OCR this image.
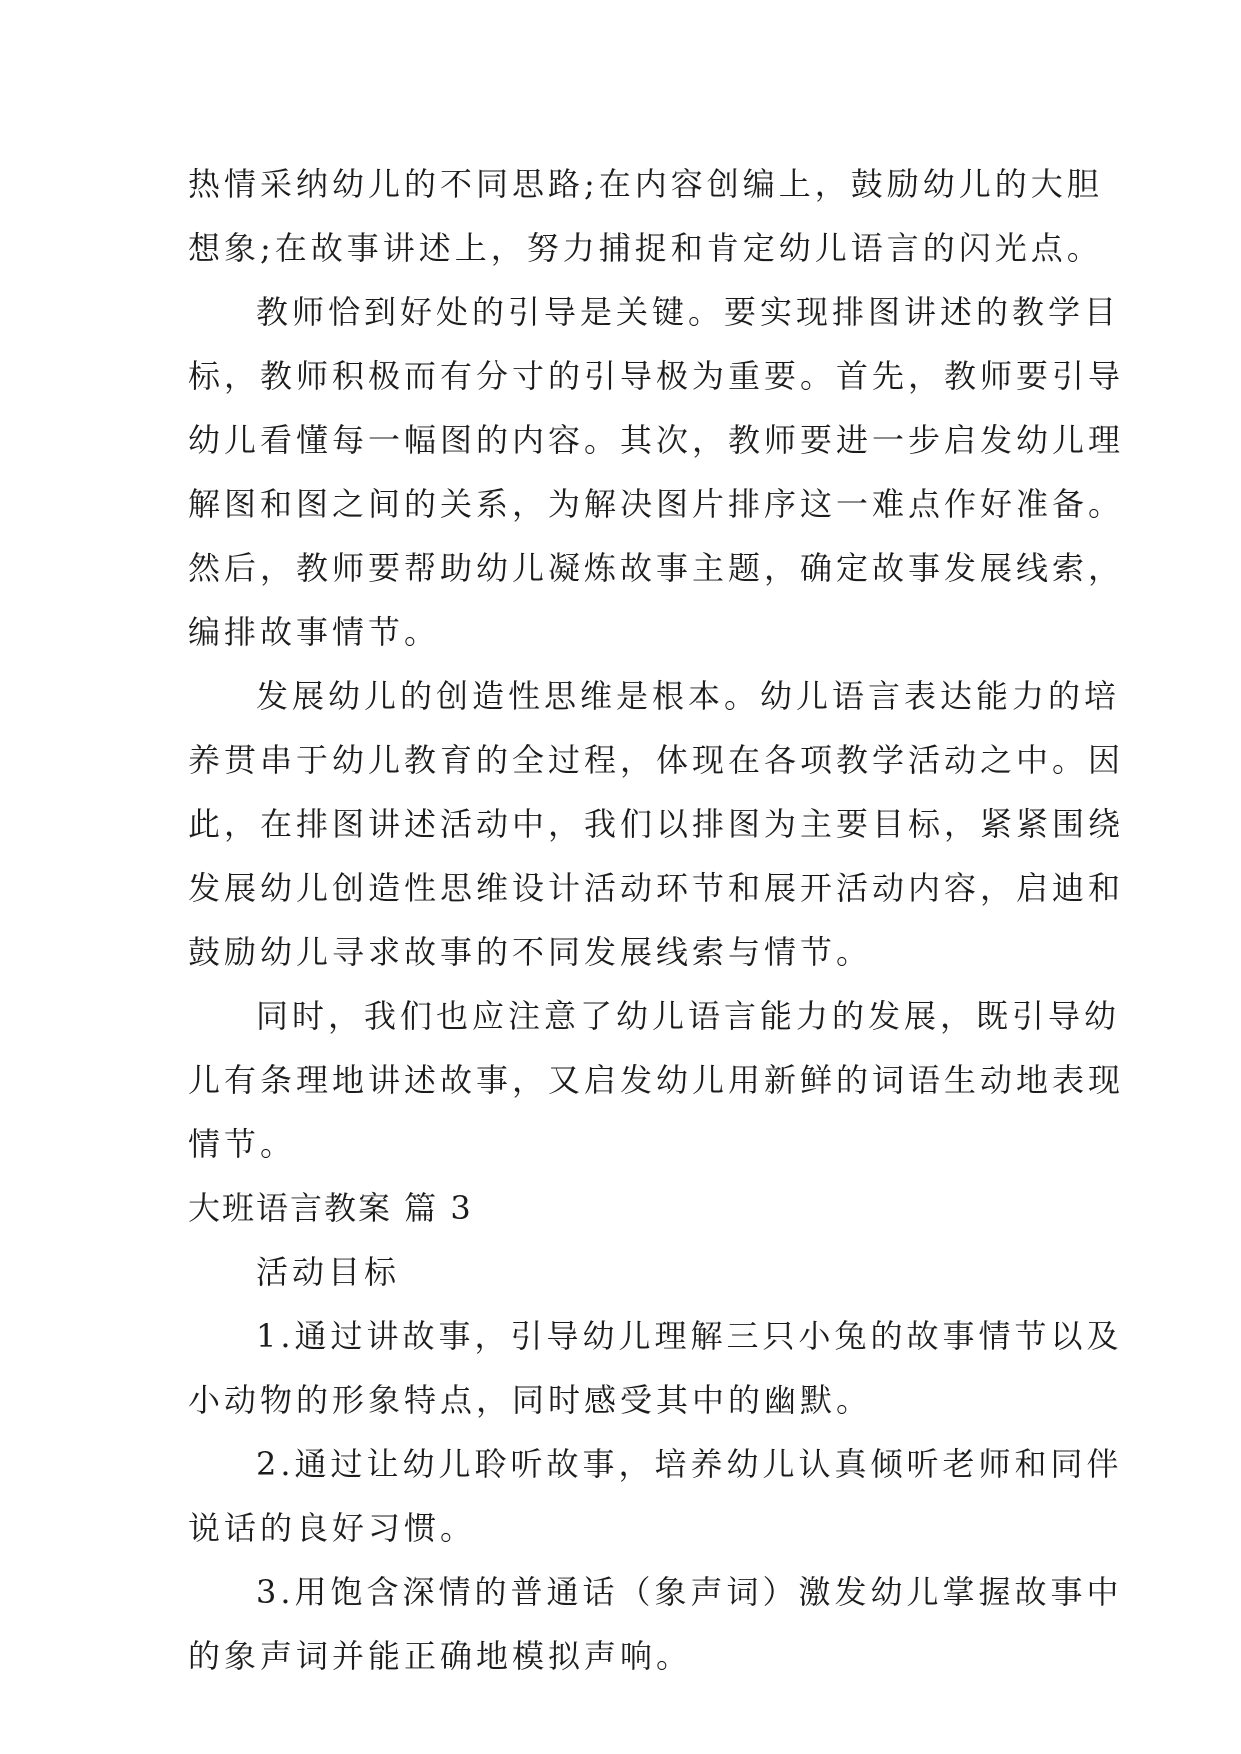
热情采纳幼儿的不同思路;在内容创编上，鼓励幼儿的大胆

想象;在故事讲述上，努力捕捉和肯定幼儿语言的闪光点。

教师恰到好处的引导是关键。要实现排图讲述的教学目

标，教师积极而有分寸的引导极为重要。首先，教师要引导

幼儿看懂每一幅图的内容。其次，教师要进一步启发幼儿理

解图和图之间的关系，为解决图片排序这一难点作好准备。

然后，教师要帮助幼儿凝炼故事主题，确定故事发展线索，

编排故事情节。

发展幼儿的创造性思维是根本。幼儿语言表达能力的培

养贯串于幼儿教育的全过程，体现在各项教学活动之中。因

此，在排图讲述活动中，我们以排图为主要目标，紧紧围绕

发展幼儿创造性思维设计活动环节和展开活动内容，启迪和

鼓励幼儿寻求故事的不同发展线索与情节。

同时，我们也应注意了幼儿语言能力的发展，既引导幼

儿有条理地讲述故事，又启发幼儿用新鲜的词语生动地表现

情节。

大班语言教案 篇 3

活动目标

1.通过讲故事，引导幼儿理解三只小兔的故事情节以及

小动物的形象特点，同时感受其中的幽默。

2.通过让幼儿聆听故事，培养幼儿认真倾听老师和同伴

说话的良好习惯。

3.用饱含深情的普通话（象声词）激发幼儿掌握故事中

的象声词并能正确地模拟声响。
